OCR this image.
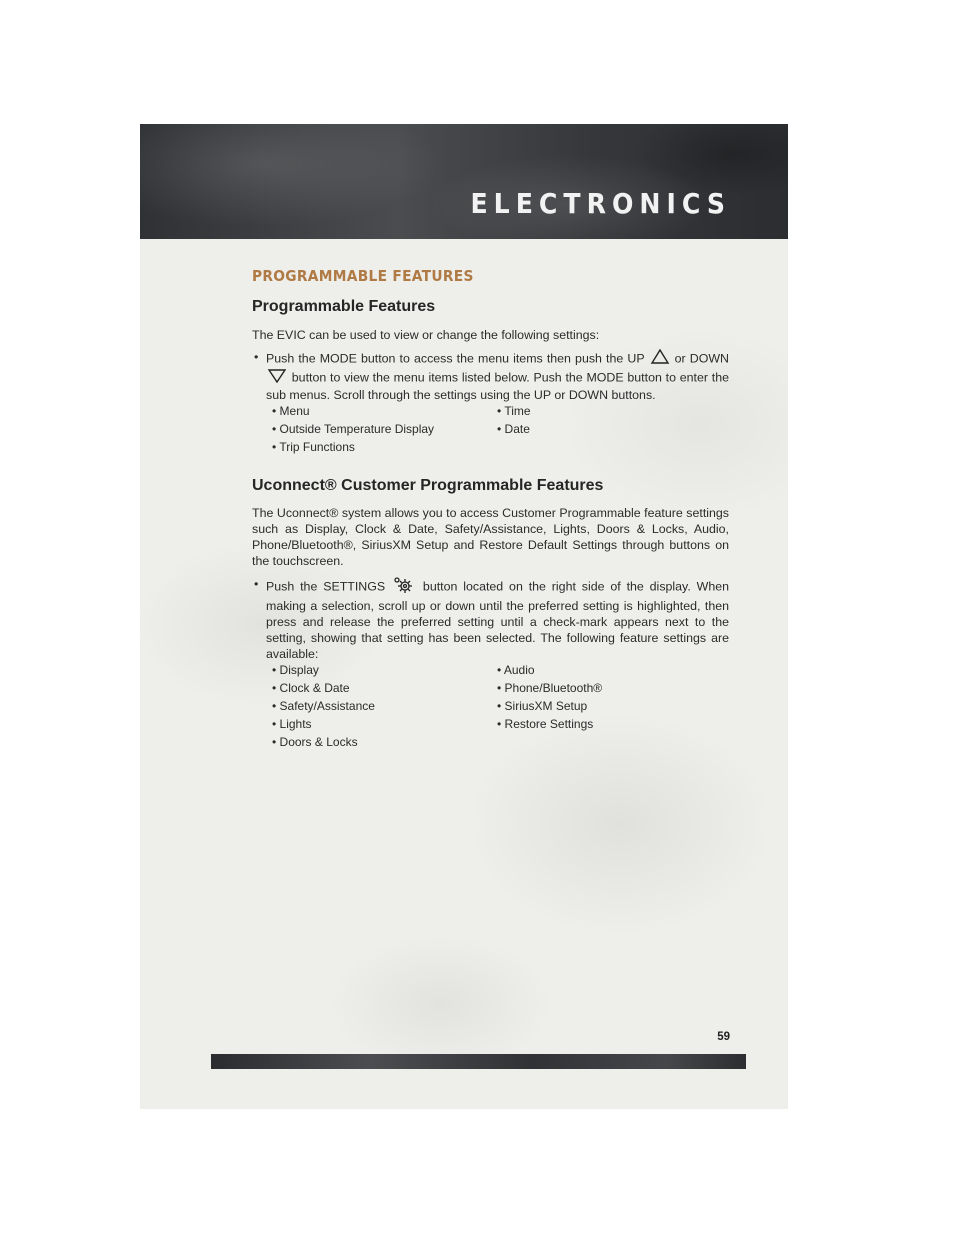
ELECTRONICS
PROGRAMMABLE FEATURES
Programmable Features
The EVIC can be used to view or change the following settings:
• Push the MODE button to access the menu items then push the UP or DOWN  button to view the menu items listed below. Push the MODE button to enter the sub menus. Scroll through the settings using the UP or DOWN buttons.
• Menu
• Outside Temperature Display
• Trip Functions
• Time
• Date
Uconnect® Customer Programmable Features
The Uconnect® system allows you to access Customer Programmable feature settings such as Display, Clock & Date, Safety/Assistance, Lights, Doors & Locks, Audio, Phone/Bluetooth®, SiriusXM Setup and Restore Default Settings through buttons on the touchscreen.
• Push the SETTINGS	button located on the right side of the display. When making a selection, scroll up or down until the preferred setting is highlighted, then press and release the preferred setting until a check-mark appears next to the setting, showing that setting has been selected. The following feature settings are available:
• Display
• Clock & Date
• Safety/Assistance
• Lights
• Doors & Locks
• Audio
• Phone/Bluetooth®
• SiriusXM Setup
• Restore Settings
59
